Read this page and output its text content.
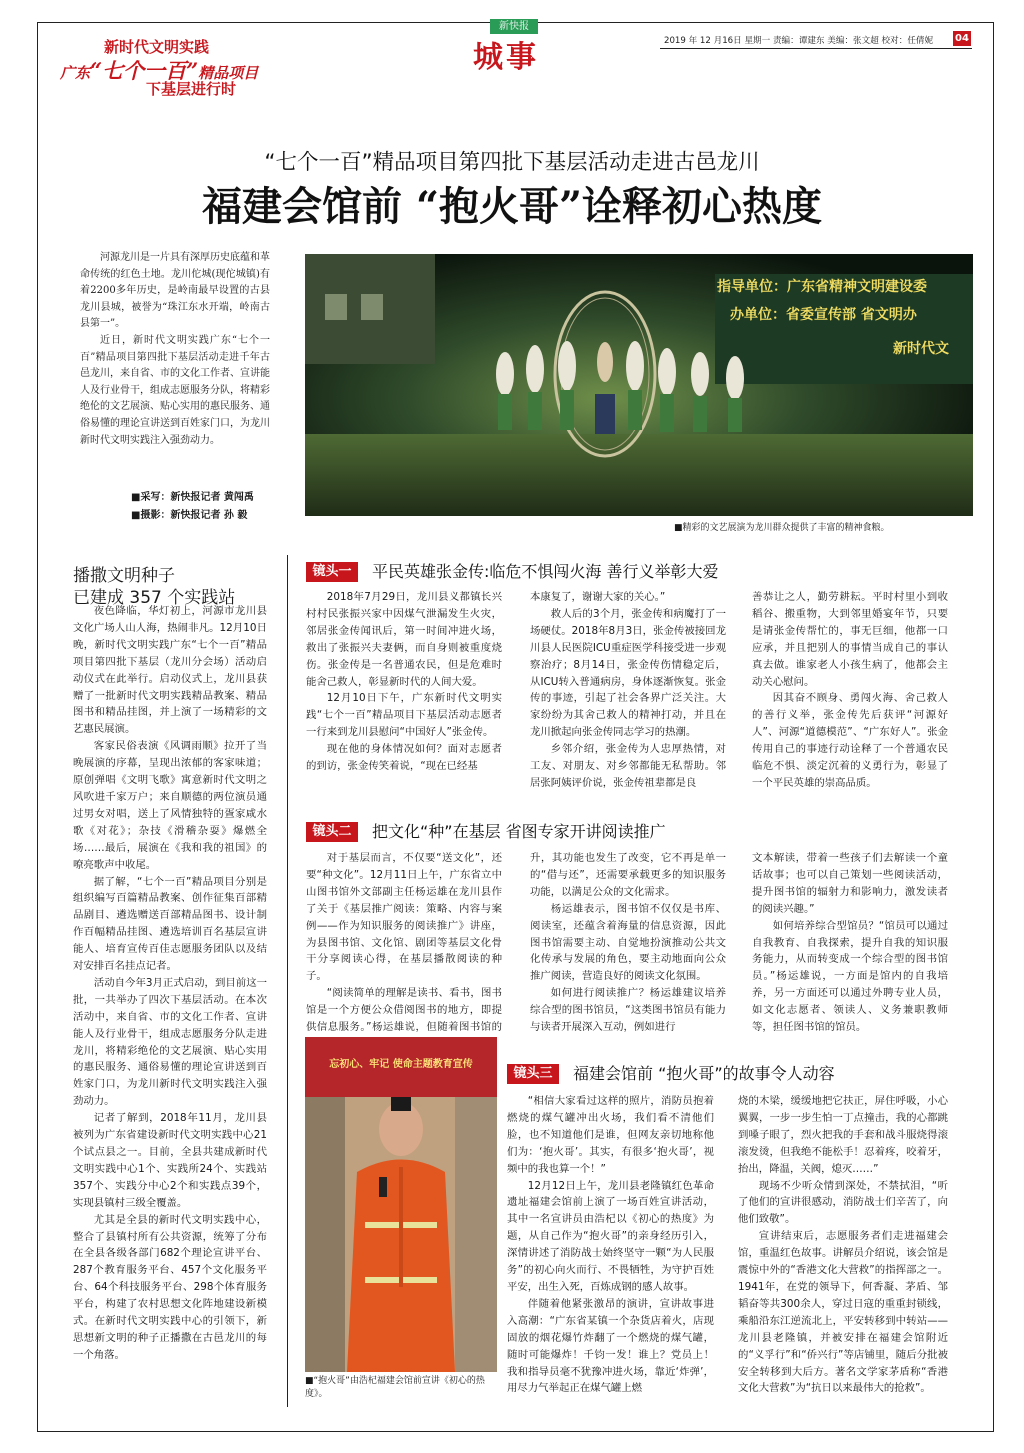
新时代文明实践
广东“七个一百”精品项目
下基层进行时
新快报
城事	2019 年 12 月16日 星期一 责编：谭建东 美编：张文超 校对：任倩妮 04
“七个一百”精品项目第四批下基层活动走进古邑龙川
福建会馆前 “抱火哥”诠释初心热度

河源龙川是一片具有深厚历史底蕴和革命传统的红色土地。龙川佗城(现佗城镇)有着2200多年历史，是岭南最早设置的古县龙川县城，被誉为“珠江东水开端，岭南古县第一”。

近日，新时代文明实践广东“七个一百”精品项目第四批下基层活动走进千年古邑龙川，来自省、市的文化工作者、宣讲能人及行业骨干，组成志愿服务分队，将精彩绝伦的文艺展演、贴心实用的惠民服务、通俗易懂的理论宣讲送到百姓家门口，为龙川新时代文明实践注入强劲动力。

■采写：新快报记者 黄闯禹
■摄影：新快报记者 孙 毅
指导单位：广东省精神文明建设委
办单位：省委宣传部 省文明办
新时代文
■精彩的文艺展演为龙川群众提供了丰富的精神食粮。
播撒文明种子
已建成 357 个实践站

夜色降临，华灯初上，河源市龙川县文化广场人山人海，热闹非凡。12月10日晚，新时代文明实践广东“七个一百”精品项目第四批下基层（龙川分会场）活动启动仪式在此举行。启动仪式上，龙川县获赠了一批新时代文明实践精品教案、精品图书和精品挂图，并上演了一场精彩的文艺惠民展演。

客家民俗表演《风调雨顺》拉开了当晚展演的序幕，呈现出浓郁的客家味道；原创弹唱《文明飞歌》寓意新时代文明之风吹进千家万户；来自顺德的两位演员通过男女对唱，送上了风情独特的疍家咸水歌《对花》；杂技《滑稽杂耍》爆燃全场……最后，展演在《我和我的祖国》的嘹亮歌声中收尾。

据了解，“七个一百”精品项目分别是组织编写百篇精品教案、创作征集百部精品剧目、遴选赠送百部精品图书、设计制作百幅精品挂图、遴选培训百名基层宣讲能人、培育宣传百佳志愿服务团队以及结对安排百名挂点记者。

活动自今年3月正式启动，到目前这一批，一共举办了四次下基层活动。在本次活动中，来自省、市的文化工作者、宣讲能人及行业骨干，组成志愿服务分队走进龙川，将精彩绝伦的文艺展演、贴心实用的惠民服务、通俗易懂的理论宣讲送到百姓家门口，为龙川新时代文明实践注入强劲动力。

记者了解到，2018年11月，龙川县被列为广东省建设新时代文明实践中心21个试点县之一。目前，全县共建成新时代文明实践中心1个、实践所24个、实践站357个、实践分中心2个和实践点39个，实现县镇村三级全覆盖。

尤其是全县的新时代文明实践中心，整合了县镇村所有公共资源，统筹了分布在全县各级各部门682个理论宣讲平台、287个教育服务平台、457个文化服务平台、64个科技服务平台、298个体育服务平台，构建了农村思想文化阵地建设新模式。在新时代文明实践中心的引领下，新思想新文明的种子正播撒在古邑龙川的每一个角落。

镜头一	平民英雄张金传:临危不惧闯火海 善行义举彰大爱

2018年7月29日，龙川县义都镇长兴村村民张振兴家中因煤气泄漏发生火灾，邻居张金传闻讯后，第一时间冲进火场，救出了张振兴夫妻俩，而自身则被重度烧伤。张金传是一名普通农民，但是危难时能舍己救人，彰显新时代的人间大爱。

12月10日下午，广东新时代文明实践“七个一百”精品项目下基层活动志愿者一行来到龙川县慰问“中国好人”张金传。

现在他的身体情况如何？面对志愿者的到访，张金传笑着说，“现在已经基

本康复了，谢谢大家的关心。”

救人后的3个月，张金传和病魔打了一场硬仗。2018年8月3日，张金传被接回龙川县人民医院ICU重症医学科接受进一步观察治疗；8月14日，张金传伤情稳定后，从ICU转入普通病房，身体逐渐恢复。张金传的事迹，引起了社会各界广泛关注。大家纷纷为其舍己救人的精神打动，并且在龙川掀起向张金传同志学习的热潮。

乡邻介绍，张金传为人忠厚热情，对工友、对朋友、对乡邻都能无私帮助。邻居张阿姨评价说，张金传祖辈都是良

善恭让之人，勤劳耕耘。平时村里小到收稻谷、搬重物，大到邻里婚宴年节，只要是请张金传帮忙的，事无巨细，他都一口应承，并且把别人的事情当成自己的事认真去做。谁家老人小孩生病了，他都会主动关心慰问。

因其奋不顾身、勇闯火海、舍己救人的善行义举，张金传先后获评“河源好人”、河源“道德模范”、“广东好人”。张金传用自己的事迹行动诠释了一个普通农民临危不惧、淡定沉着的义勇行为，彰显了一个平民英雄的崇高品质。

镜头二	把文化“种”在基层 省图专家开讲阅读推广

对于基层而言，不仅要“送文化”，还要“种文化”。12月11日上午，广东省立中山图书馆外文部副主任杨运雄在龙川县作了关于《基层推广阅读：策略、内容与案例——作为知识服务的阅读推广》讲座，为县图书馆、文化馆、剧团等基层文化骨干分享阅读心得，在基层播散阅读的种子。

“阅读简单的理解是读书、看书，图书馆是一个方便公众借阅图书的地方，即提供信息服务。”杨运雄说，但随着图书馆的

升，其功能也发生了改变，它不再是单一的“借与还”，还需要承载更多的知识服务功能，以满足公众的文化需求。

杨运雄表示，图书馆不仅仅是书库、阅读室，还蕴含着海量的信息资源，因此图书馆需要主动、自觉地扮演推动公共文化传承与发展的角色，要主动地面向公众推广阅读，营造良好的阅读文化氛围。

如何进行阅读推广？杨运雄建议培养综合型的图书馆员，“这类图书馆员有能力与读者开展深入互动，例如进行

文本解读，带着一些孩子们去解读一个童话故事；也可以自己策划一些阅读活动，提升图书馆的辐射力和影响力，激发读者的阅读兴趣。”

如何培养综合型馆员？“馆员可以通过自我教育、自我探索，提升自我的知识服务能力，从而转变成一个综合型的图书馆员。”杨运雄说，一方面是馆内的自我培养，另一方面还可以通过外聘专业人员，如文化志愿者、领读人、义务兼职教师等，担任图书馆的馆员。

忘初心、牢记 使命主题教育宣传
■“抱火哥”由浩杞福建会馆前宣讲《初心的热度》。
镜头三	福建会馆前 “抱火哥”的故事令人动容

“相信大家看过这样的照片，消防员抱着燃烧的煤气罐冲出火场，我们看不清他们脸，也不知道他们是谁，但网友亲切地称他们为：‘抱火哥’。其实，有很多‘抱火哥’，视频中的我也算一个！”

12月12日上午，龙川县老隆镇红色革命遗址福建会馆前上演了一场百姓宣讲活动，其中一名宣讲员由浩杞以《初心的热度》为题，从自己作为“抱火哥”的亲身经历引入，深情讲述了消防战士始终坚守一颗“为人民服务”的初心向火而行、不畏牺牲，为守护百姓平安，出生入死，百炼成钢的感人故事。

伴随着他紧张激昂的演讲，宣讲故事进入高潮：“广东省某镇一个杂货店着火，店现固放的烟花爆竹炸翻了一个燃烧的煤气罐，随时可能爆炸！千钧一发！谁上？党员上！我和指导员毫不犹豫冲进火场，靠近‘炸弹’，用尽力气举起正在煤气罐上燃

烧的木梁，缓缓地把它扶正，屏住呼吸，小心翼翼，一步一步生怕一丁点撞击，我的心都跳到嗓子眼了，烈火把我的手套和战斗服烧得滚滚发烫，但我绝不能松手！忍着疼，咬着牙，抬出，降温，关阀，熄灭……”

现场不少听众情到深处，不禁拭泪，“听了他们的宣讲很感动，消防战士们辛苦了，向他们致敬”。

宣讲结束后，志愿服务者们走进福建会馆，重温红色故事。讲解员介绍说，该会馆是震惊中外的“香港文化大营救”的指挥部之一。1941年，在党的领导下，何香凝、茅盾、邹韬奋等共300余人，穿过日寇的重重封锁线，乘船沿东江逆流北上，平安转移到中转站——龙川县老隆镇，并被安排在福建会馆附近的“义孚行”和“侨兴行”等店铺里，随后分批被安全转移到大后方。著名文学家茅盾称“香港文化大营救”为“抗日以来最伟大的抢救”。
